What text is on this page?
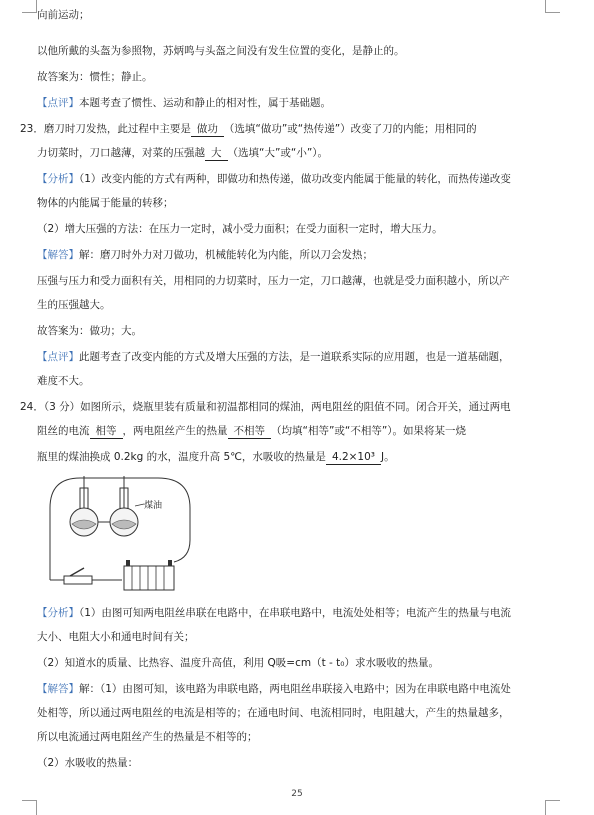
向前运动；
以他所戴的头盔为参照物，苏炳鸣与头盔之间没有发生位置的变化，是静止的。
故答案为：惯性；静止。
【点评】本题考查了惯性、运动和静止的相对性，属于基础题。
23．磨刀时刀发热，此过程中主要是 做功 （选填“做功”或“热传递”）改变了刀的内能；用相同的
力切菜时，刀口越薄，对菜的压强越 大 （选填“大”或“小”）。
【分析】（1）改变内能的方式有两种，即做功和热传递，做功改变内能属于能量的转化，而热传递改变
物体的内能属于能量的转移；
（2）增大压强的方法：在压力一定时，减小受力面积；在受力面积一定时，增大压力。
【解答】解：磨刀时外力对刀做功，机械能转化为内能，所以刀会发热；
压强与压力和受力面积有关，用相同的力切菜时，压力一定，刀口越薄，也就是受力面积越小，所以产
生的压强越大。
故答案为：做功；大。
【点评】此题考查了改变内能的方式及增大压强的方法，是一道联系实际的应用题，也是一道基础题，
难度不大。
24．（3 分）如图所示，烧瓶里装有质量和初温都相同的煤油，两电阻丝的阻值不同。闭合开关，通过两电
阻丝的电流 相等 ，两电阻丝产生的热量 不相等 （均填“相等”或“不相等”）。如果将某一烧
瓶里的煤油换成 0.2kg 的水，温度升高 5℃，水吸收的热量是 4.2×10³ J。
【分析】（1）由图可知两电阻丝串联在电路中，在串联电路中，电流处处相等；电流产生的热量与电流
大小、电阻大小和通电时间有关；
（2）知道水的质量、比热容、温度升高值，利用 Q吸=cm（t - t₀）求水吸收的热量。
【解答】解：（1）由图可知，该电路为串联电路，两电阻丝串联接入电路中；因为在串联电路中电流处
处相等，所以通过两电阻丝的电流是相等的；在通电时间、电流相同时，电阻越大，产生的热量越多，
所以电流通过两电阻丝产生的热量是不相等的；
（2）水吸收的热量：
煤油
25
